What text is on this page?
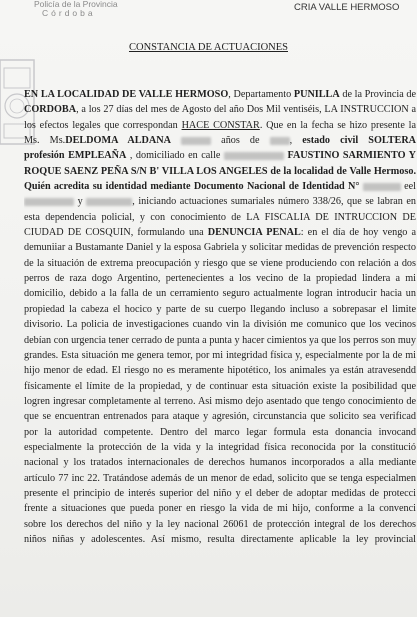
Policía de la Provincia
Córdoba	CRIA VALLE HERMOSO
CONSTANCIA DE ACTUACIONES
EN LA LOCALIDAD DE VALLE HERMOSO, Departamento PUNILLA de la Provincia de
CORDOBA, a los 27 días del mes de Agosto del año Dos Mil ventiséis, LA INSTRUCCION a
los efectos legales que correspondan HACE CONSTAR. Que en la fecha se hizo presente la
Ms. Ms.DELDOMA ALDANA	años de	, estado civil SOLTERA
profesión EMPLEAÑA , domiciliado en calle	FAUSTINO SARMIENTO Y
ROQUE SAENZ PEÑA S/N B' VILLA LOS ANGELES de la localidad de Valle Hermoso.
Quién acredita su identidad mediante Documento Nacional de Identidad N°	eel
y	, iniciando actuaciones sumariales número 338/26, que se labran en
esta dependencia policial, y con conocimiento de LA FISCALIA DE INTRUCCION DE
CIUDAD DE COSQUIN, formulando una DENUNCIA PENAL: en el día de hoy vengo a
demuniiar a Bustamante Daniel y la esposa Gabriela y solicitar medidas de prevención respecto
de la situación de extrema preocupación y riesgo que se viene produciendo con relación a dos
perros de raza dogo Argentino, pertenecientes a los vecino de la propiedad lindera a mi
domicilio, debido a la falla de un cerramiento seguro actualmente logran introducir hacia un
propiedad la cabeza el hocico y parte de su cuerpo llegando incluso a sobrepasar el limite
divisorio. La policia de investigaciones cuando vin la división me comunico que los vecinos
debían con urgencia tener cerrado de punta a punta y hacer cimientos ya que los perros son muy
grandes. Esta situación me genera temor, por mi integridad física y, especialmente por la de mi
hijo menor de edad. El riesgo no es meramente hipotético, los animales ya están atravesendd
físicamente el límite de la propiedad, y de continuar esta situación existe la posibilidad que
logren ingresar completamente al terreno. Asi mismo dejo asentado que tengo conocimiento de
que se encuentran entrenados para ataque y agresión, circunstancia que solicito sea verificad
por la autoridad competente. Dentro del marco legar formula esta donancia invocand
especialmente la protección de la vida y la integridad física reconocida por la constitució
nacional y los tratados internacionales de derechos humanos incorporados a alla mediante
artículo 77 inc 22. Tratándose además de un menor de edad, solicito que se tenga especialmen
presente el principio de interés superior del niño y el deber de adoptar medidas de protecci
frente a situaciones que pueda poner en riesgo la vida de mi hijo, conforme a la convenci
sobre los derechos del niño y la ley nacional 26061 de protección integral de los derechos
niños niñas y adolescentes. Así mismo, resulta directamente aplicable la ley provincial
